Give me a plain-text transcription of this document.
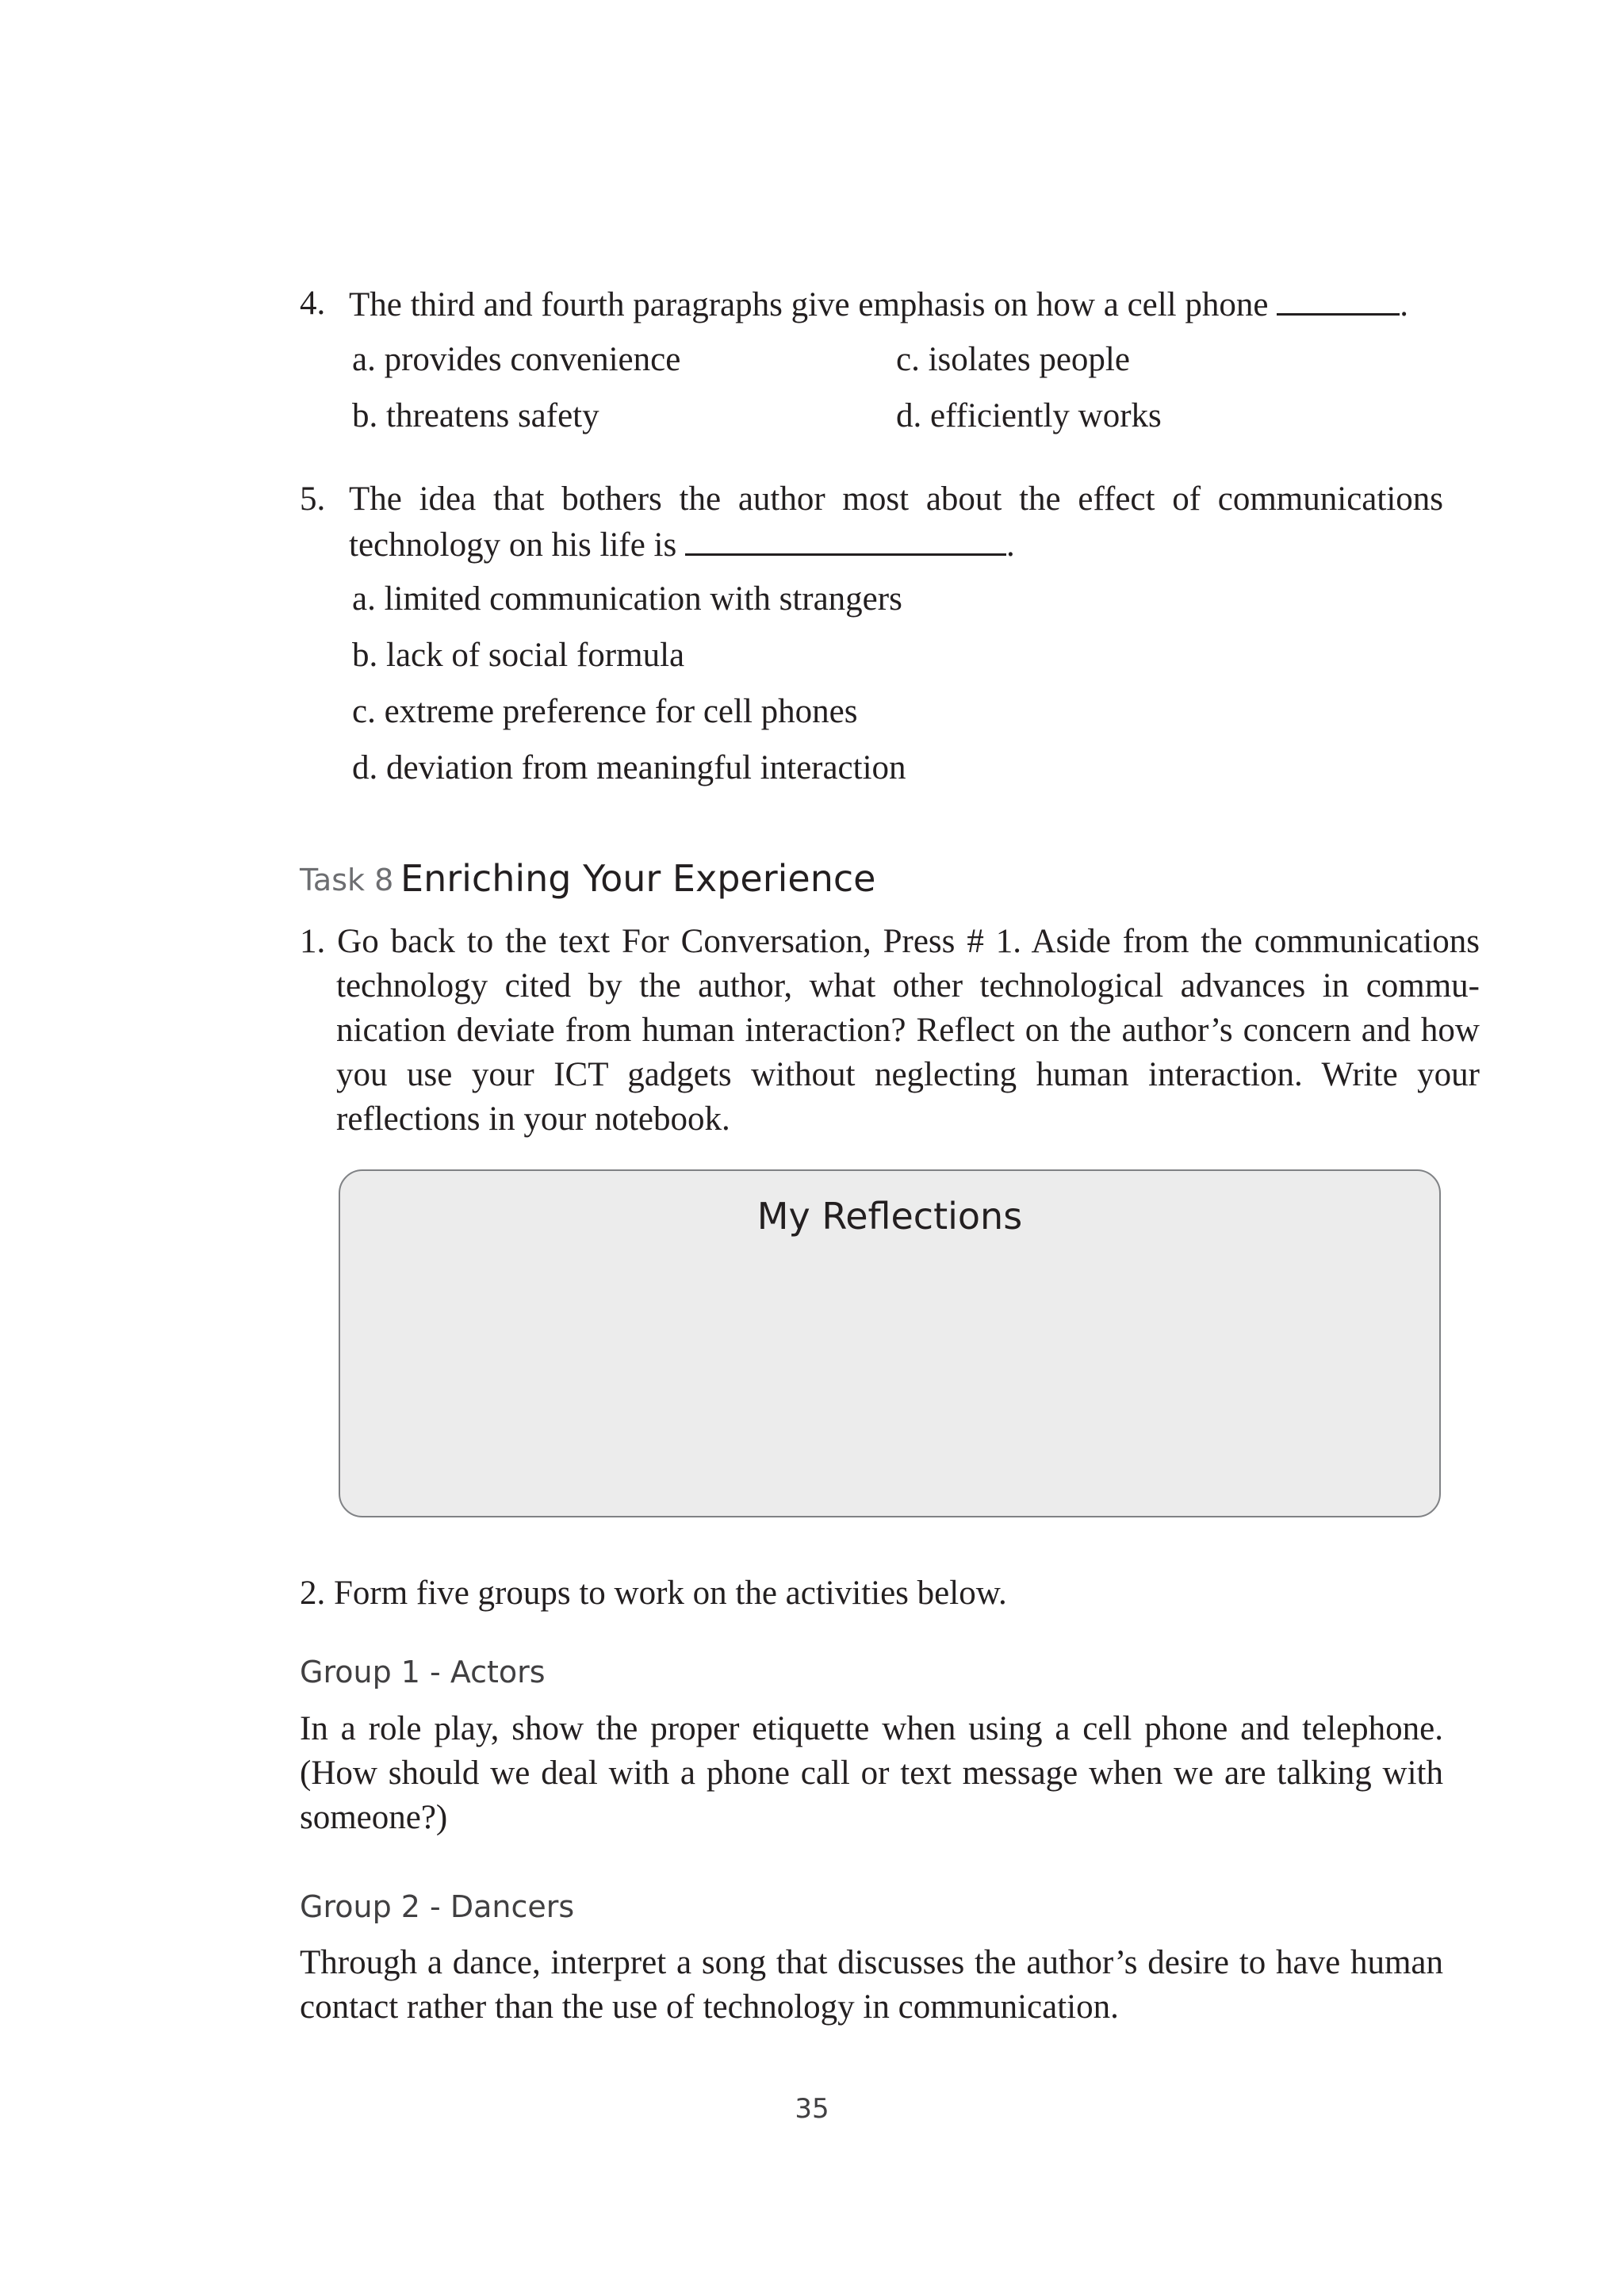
4. The third and fourth paragraphs give emphasis on how a cell phone	.
a. provides convenience	c. isolates people
b. threatens safety	d. efficiently works
5. The idea that bothers the author most about the effect of communications technology on his life is	.
a. limited communication with strangers
b. lack of social formula
c. extreme preference for cell phones
d. deviation from meaningful interaction
Task 8 Enriching Your Experience
1. Go back to the text For Conversation, Press # 1. Aside from the communications technology cited by the author, what other technological advances in commu-nication deviate from human interaction? Reflect on the author’s concern and how you use your ICT gadgets without neglecting human interaction. Write your reflections in your notebook.
My Reflections
2. Form five groups to work on the activities below.
Group 1 - Actors
In a role play, show the proper etiquette when using a cell phone and telephone. (How should we deal with a phone call or text message when we are talking with someone?)
Group 2 - Dancers
Through a dance, interpret a song that discusses the author’s desire to have human contact rather than the use of technology in communication.
35
